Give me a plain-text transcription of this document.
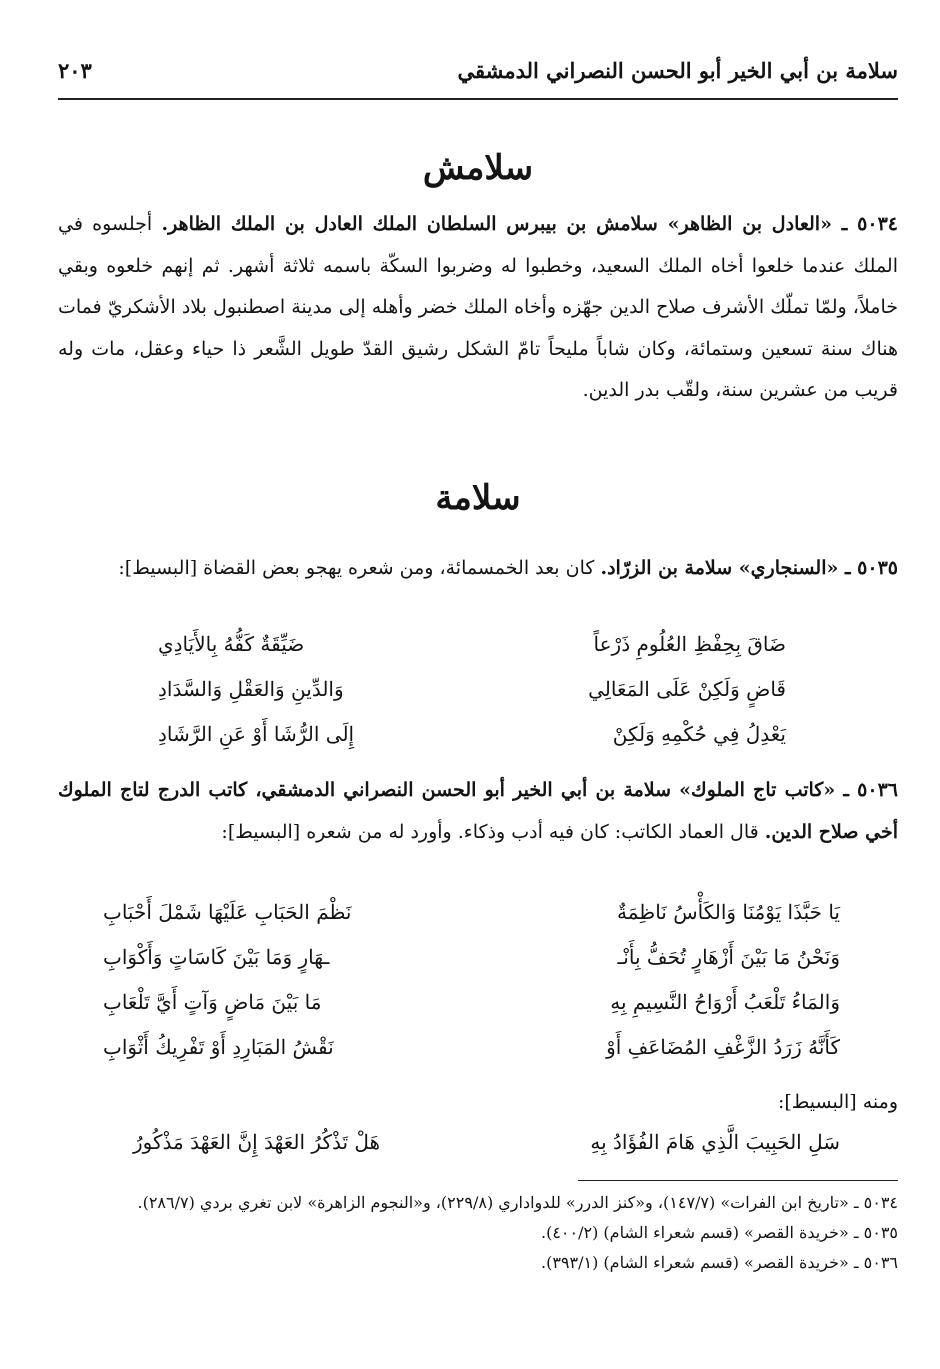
سلامة بن أبي الخير أبو الحسن النصراني الدمشقي
٢٠٣
سلامش
٥٠٣٤ ـ «العادل بن الظاهر» سلامش بن بيبرس السلطان الملك العادل بن الملك الظاهر. أجلسوه في الملك عندما خلعوا أخاه الملك السعيد، وخطبوا له وضربوا السكّة باسمه ثلاثة أشهر. ثم إنهم خلعوه وبقي خاملاً، ولمّا تملّك الأشرف صلاح الدين جهّزه وأخاه الملك خضر وأهله إلى مدينة اصطنبول بلاد الأشكريّ فمات هناك سنة تسعين وستمائة، وكان شاباً مليحاً تامّ الشكل رشيق القدّ طويل الشَّعر ذا حياء وعقل، مات وله قريب من عشرين سنة، ولقّب بدر الدين.
سلامة
٥٠٣٥ ـ «السنجاري» سلامة بن الزرّاد. كان بعد الخمسمائة، ومن شعره يهجو بعض القضاة [البسيط]:
ضَاقَ بِحِفْظِ العُلُومِ ذَرْعاً
ضَيِّقَةٌ كَفُّهُ بِالأَيَادِي
قَاضٍ وَلَكِنْ عَلَى المَعَالِي
وَالدِّينِ وَالعَقْلِ وَالسَّدَادِ
يَعْدِلُ فِي حُكْمِهِ وَلَكِنْ
إِلَى الرُّشَا أَوْ عَنِ الرَّشَادِ
٥٠٣٦ ـ «كاتب تاج الملوك» سلامة بن أبي الخير أبو الحسن النصراني الدمشقي، كاتب الدرج لتاج الملوك أخي صلاح الدين. قال العماد الكاتب: كان فيه أدب وذكاء. وأورد له من شعره [البسيط]:
يَا حَبَّذَا يَوْمُنَا وَالكَأْسُ نَاظِمَةٌ
نَظْمَ الحَبَابِ عَلَيْهَا شَمْلَ أَحْبَابِ
وَنَحْنُ مَا بَيْنَ أَزْهَارٍ تُحَفُّ بِأَنْـ
ـهَارٍ وَمَا بَيْنَ كَاسَاتٍ وَأَكْوَابِ
وَالمَاءُ تَلْعَبُ أَرْوَاحُ النَّسِيمِ بِهِ
مَا بَيْنَ مَاضٍ وَآتٍ أَيَّ تَلْعَابِ
كَأَنَّهُ زَرَدُ الزَّغْفِ المُضَاعَفِ أَوْ
نَقْشُ المَبَارِدِ أَوْ تَفْرِيكُ أَثْوَابِ
ومنه [البسيط]:
سَلِ الحَبِيبَ الَّذِي هَامَ الفُؤَادُ بِهِ
هَلْ تَذْكُرُ العَهْدَ إِنَّ العَهْدَ مَذْكُورُ
٥٠٣٤ ـ «تاريخ ابن الفرات» (١٤٧/٧)، و«كنز الدرر» للدواداري (٢٢٩/٨)، و«النجوم الزاهرة» لابن تغري بردي (٢٨٦/٧).
٥٠٣٥ ـ «خريدة القصر» (قسم شعراء الشام) (٤٠٠/٢).
٥٠٣٦ ـ «خريدة القصر» (قسم شعراء الشام) (٣٩٣/١).
